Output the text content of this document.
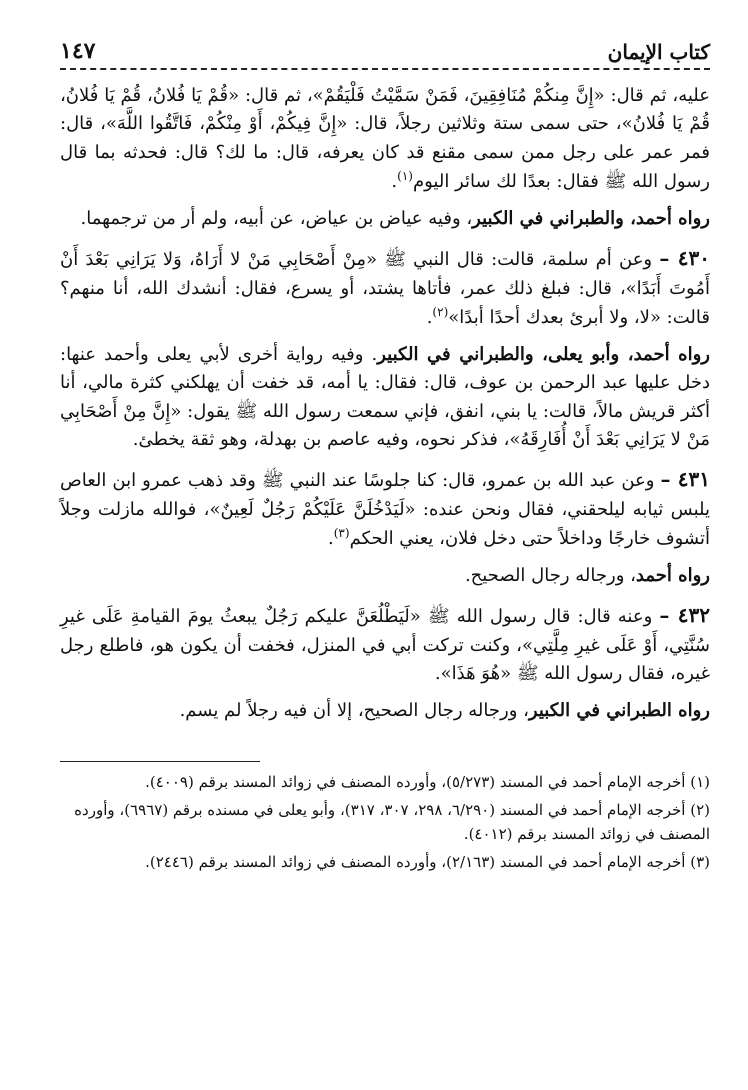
كتاب الإيمان
١٤٧

عليه، ثم قال: «إِنَّ مِنكُمْ مُنَافِقِينَ، فَمَنْ سَمَّيْتُ فَلْيَقُمْ»، ثم قال: «قُمْ يَا فُلانُ، قُمْ يَا فُلانُ، قُمْ يَا فُلانُ»، حتى سمى ستة وثلاثين رجلاً، قال: «إِنَّ فِيكُمْ، أَوْ مِنْكُمْ، فَاتَّقُوا اللَّهَ»، قال: فمر عمر على رجل ممن سمى مقنع قد كان يعرفه، قال: ما لك؟ قال: فحدثه بما قال رسول الله ﷺ فقال: بعدًا لك سائر اليوم$^{(١)}$.

رواه أحمد، والطبراني في الكبير، وفيه عياض بن عياض، عن أبيه، ولم أر من ترجمهما.

٤٣٠ – وعن أم سلمة، قالت: قال النبي ﷺ «مِنْ أَصْحَابِي مَنْ لا أَرَاهُ، وَلا يَرَانِي بَعْدَ أَنْ أَمُوتَ أَبَدًا»، قال: فبلغ ذلك عمر، فأتاها يشتد، أو يسرع، فقال: أنشدك الله، أنا منهم؟ قالت: «لا، ولا أبرئ بعدك أحدًا أبدًا»$^{(٢)}$.

رواه أحمد، وأبو يعلى، والطبراني في الكبير. وفيه رواية أخرى لأبي يعلى وأحمد عنها: دخل عليها عبد الرحمن بن عوف، قال: فقال: يا أمه، قد خفت أن يهلكني كثرة مالي، أنا أكثر قريش مالاً، قالت: يا بني، انفق، فإني سمعت رسول الله ﷺ يقول: «إِنَّ مِنْ أَصْحَابِي مَنْ لا يَرَانِي بَعْدَ أَنْ أُفَارِقَهُ»، فذكر نحوه، وفيه عاصم بن بهدلة، وهو ثقة يخطئ.

٤٣١ – وعن عبد الله بن عمرو، قال: كنا جلوسًا عند النبي ﷺ وقد ذهب عمرو ابن العاص يلبس ثيابه ليلحقني، فقال ونحن عنده: «لَيَدْخُلَنَّ عَلَيْكُمْ رَجُلٌ لَعِينٌ»، فوالله مازلت وجلاً أتشوف خارجًا وداخلاً حتى دخل فلان، يعني الحكم$^{(٣)}$.

رواه أحمد، ورجاله رجال الصحيح.

٤٣٢ – وعنه قال: قال رسول الله ﷺ «لَيَطْلُعَنَّ عليكم رَجُلٌ يبعثُ يومَ القيامةِ عَلَى غيرِ سُنَّتِي، أَوْ عَلَى غيرِ مِلَّتِي»، وكنت تركت أبي في المنزل، فخفت أن يكون هو، فاطلع رجل غيره، فقال رسول الله ﷺ «هُوَ هَذَا».

رواه الطبراني في الكبير، ورجاله رجال الصحيح، إلا أن فيه رجلاً لم يسم.

(١) أخرجه الإمام أحمد في المسند (٥/٢٧٣)، وأورده المصنف في زوائد المسند برقم (٤٠٠٩).

(٢) أخرجه الإمام أحمد في المسند (٦/٢٩٠، ٢٩٨، ٣٠٧، ٣١٧)، وأبو يعلى في مسنده برقم (٦٩٦٧)، وأورده المصنف في زوائد المسند برقم (٤٠١٢).

(٣) أخرجه الإمام أحمد في المسند (٢/١٦٣)، وأورده المصنف في زوائد المسند برقم (٢٤٤٦).
